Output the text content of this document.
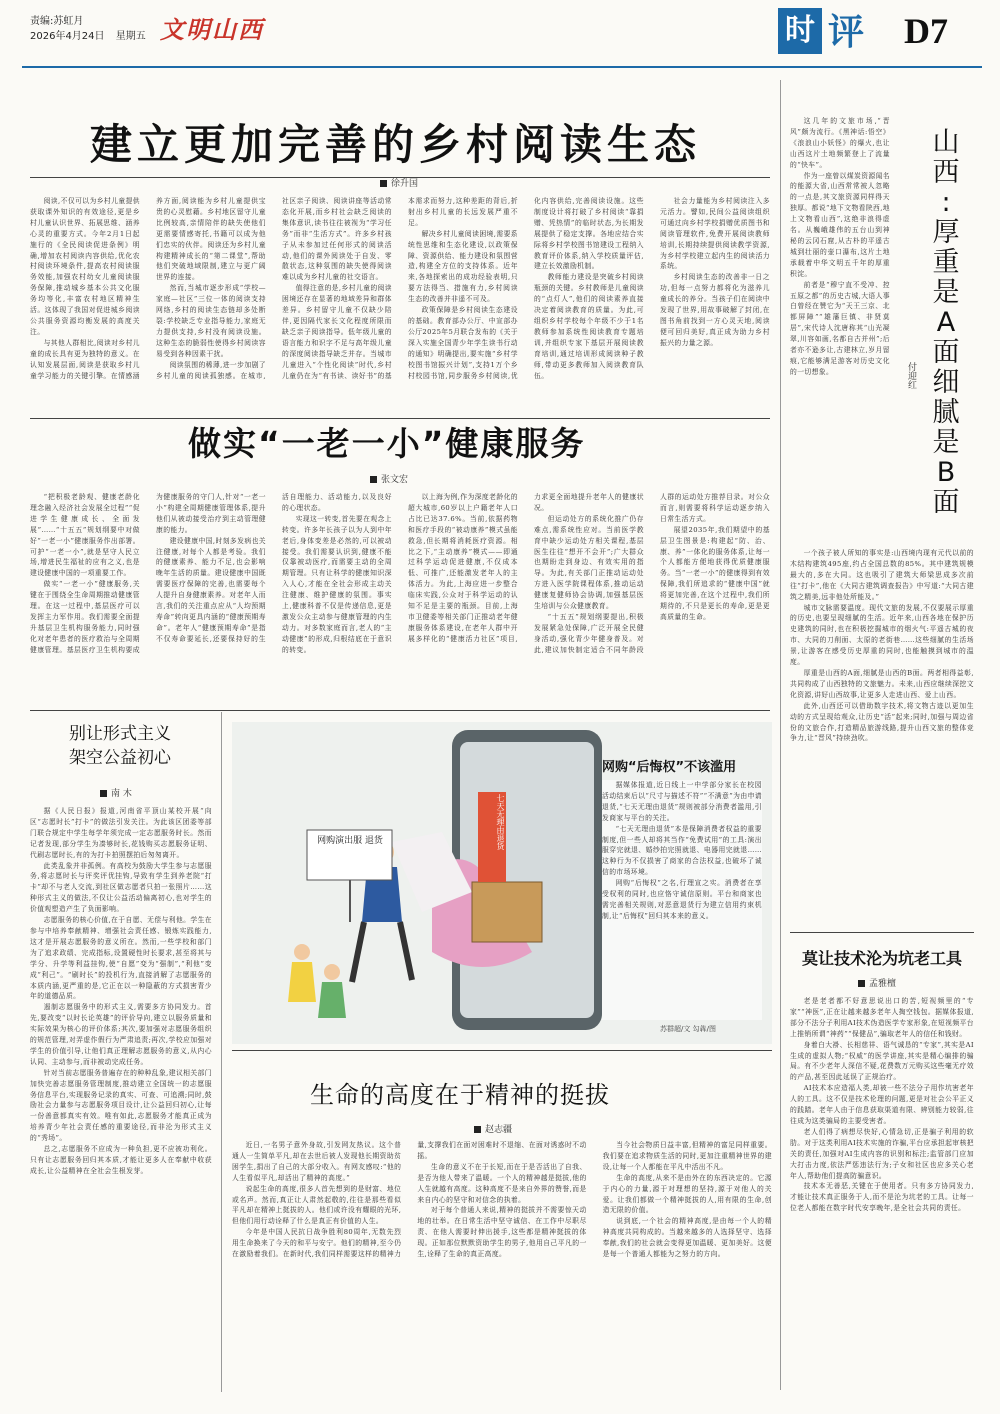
责编:苏虹月
2026年4月24日 星期五 文明山西	时 评 D7
建立更加完善的乡村阅读生态
徐升国

阅读,不仅可以为乡村儿童提供获取课外知识的有效途径,更是乡村儿童认识世界、拓展思维、涵养心灵的重要方式。今年2月1日起施行的《全民阅读促进条例》明确,增加农村阅读内容供给,优化农村阅读环境条件,提高农村阅读服务效能,加强农村幼女儿童阅读服务保障,推动城乡基本公共文化服务均等化,丰富农村地区精神生活。这体现了我国对促进城乡阅读公共服务资源均衡发展的高度关注。

与其他人群相比,阅读对乡村儿童的成长具有更为独特的意义。在认知发展层面,阅读是获取乡村儿童学习能力的关键引擎。在情感涵养方面,阅读能为乡村儿童提供宝贵的心灵慰藉。乡村地区留守儿童比例较高,亲情陪伴的缺失使他们更需要情感寄托,书籍可以成为他们忠实的伙伴。阅读还为乡村儿童构建精神成长的“第二课堂”,帮助他们突破地域限制,建立与更广阔世界的连接。

然而,当城市逐步形成“学校—家庭—社区”三位一体的阅读支持网络,乡村的阅读生态链却多处断裂:学校缺乏专业指导能力,家庭无力提供支持,乡村没有阅读设施。这种生态的脆弱性使得乡村阅读容易受到各种因素干扰。

阅读氛围的稀薄,进一步加剧了乡村儿童的阅读孤独感。在城市,社区亲子阅读、阅读讲座等活动常态化开展,而乡村社会缺乏阅读的集体意识,读书往往被视为“学习任务”而非“生活方式”。许多乡村孩子从未参加过任何形式的阅读活动,他们的课外阅读处于自发、零散状态,这种氛围的缺失使得阅读难以成为乡村儿童的社交语言。

值得注意的是,乡村儿童的阅读困境还存在显著的地域差异和群体差异。乡村留守儿童不仅缺少陪伴,更因隔代家长文化程度所限而缺乏亲子阅读指导。低年级儿童的语言能力和识字不足与高年级儿童的深度阅读指导缺乏并存。当城市儿童进入“个性化阅读”时代,乡村儿童仍在为“有书读、读好书”的基本需求而努力,这种差距的背后,折射出乡村儿童的长远发展严重不足。

解决乡村儿童阅读困境,需要系统性思维和生态化建设,以政策保障、资源供给、能力建设和氛围营造,构建全方位的支持体系。近年来,各地探索出的成功经验表明,只要方法得当、措施有力,乡村阅读生态的改善并非遥不可及。

政策保障是乡村阅读生态建设的基础。教育部办公厅、中宣部办公厅2025年5月联合发布的《关于深入实施全国青少年学生读书行动的通知》明确提出,要实施“乡村学校图书馆振兴计划”,支持1万个乡村校园书馆,同步服务乡村阅读,优化内容供给,完善阅读设施。这些制度设计将打破了乡村阅读“靠捐赠、凭热情”的临时状态,为长期发展提供了稳定支撑。各地应结合实际将乡村学校图书馆建设工程纳入教育评价体系,纳入学校质量评估,建立长效激励机制。

教师能力建设是突破乡村阅读瓶颈的关键。乡村教师是儿童阅读的“点灯人”,他们的阅读素养直接决定着阅读教育的质量。为此,可组织乡村学校每个年级不少于1名教师参加系统性阅读教育专题培训,并组织专家下基层开展阅读教育培训,通过培训形成阅读种子教师,带动更多教师加入阅读教育队伍。

社会力量能为乡村阅读注入多元活力。譬如,民间公益阅读组织可通过向乡村学校捐赠优质图书和阅读管理软件,免费开展阅读教师培训,长期持续提供阅读教学资源,为乡村学校建立起内生的阅读活力系统。

乡村阅读生态的改善非一日之功,但每一点努力都将化为滋养儿童成长的养分。当孩子们在阅读中发现了世界,用故事破解了封闭,在图书角前找到一方心灵天地,阅读便可回归美好,真正成为助力乡村振兴的力量之源。

做实“一老一小”健康服务
张文宏

“把积极老龄观、健康老龄化理念融入经济社会发展全过程”“促进学生健康成长、全面发展”……“十五五”规划纲要中对做好“一老一小”健康服务作出部署。可护“一老一小”,就是坚守人民立场,增进民生福祉的应有之义,也是建设健康中国的一项重要工作。

做实“一老一小”健康服务,关键在于围绕全生命周期推动健康管理。在这一过程中,基层医疗可以发挥主力军作用。我们需要全面提升基层卫生机构服务能力,同时强化对老年患者的医疗救治与全周期健康管理。基层医疗卫生机构要成为健康服务的守门人,针对“一老一小”构建全周期健康管理体系,提升他们从被动接受治疗到主动管理健康的能力。

建设健康中国,时刻多发病也关注健康,对每个人都是考验。我们的健康素养、能力不足,也会影响晚年生活的质量。建设健康中国既需要医疗保障的完善,也需要每个人提升自身健康素养。对老年人而言,我们的关注重点应从“人均预期寿命”转向更具内涵的“健康预期寿命”。老年人“健康预期寿命”是指不仅寿命要延长,还要保持好的生活自理能力、活动能力,以及良好的心理状态。

实现这一转变,首先要在观念上转变。许多年长孩子以为人到中年老后,身体变差是必然的,可以被动接受。我们需要认识到,健康不能仅靠被动医疗,而需要主动的全周期管理。只有让科学的健康知识深入人心,才能在全社会形成主动关注健康、维护健康的氛围。事实上,健康科普不仅是传递信息,更是激发公众主动参与健康管理的内生动力。对多数家庭而言,老人的“主动健康”的形成,归根结底在于意识的转变。

以上海为例,作为深度老龄化的超大城市,60岁以上户籍老年人口占比已达37.6%。当前,依据药物和医疗手段的“被动康养”模式虽能救急,但长期将消耗医疗资源。相比之下,“主动康养”模式——即通过科学运动促进健康,不仅成本低、可推广,还能激发老年人的主体活力。为此,上海应进一步整合临床实践,公众对于科学运动的认知不足是主要的瓶颈。目前,上海市卫健委等相关部门正推动老年健康服务体系建设,在老年人群中开展多样化的“健康活力社区”项目,力求更全面地提升老年人的健康状况。

但运动处方的系统化推广仍存难点,需系统性应对。当前医学教育中缺少运动处方相关课程,基层医生往往“想开不会开”;广大群众也期盼走到身边、有效实用的指导。为此,有关部门正推动运动处方进入医学院课程体系,推动运动健康复健师协会协调,加强基层医生培训与公众健康教育。

“十五五”规划纲要提出,积极发展紧急处保障,广泛开展全民健身活动,强化青少年健身普及。对此,建议加快制定适合不同年龄段人群的运动处方推荐目录。对公众而言,则需要将科学运动逐步纳入日常生活方式。

展望2035年,我们期望中的基层卫生图景是:构建起“防、治、康、养”一体化的服务体系,让每一个人都能方便地获得优质健康服务。当“一老一小”的健康得到有效保障,我们所追求的“健康中国”就将更加完善,在这个过程中,我们所期待的,不只是更长的寿命,更是更高质量的生命。

别让形式主义
架空公益初心
南 木

据《人民日报》报道,河南省平顶山某校开展“向区“志愿时长”打卡”的做法引发关注。为此该区团委等部门联合规定中学生每学年须完成一定志愿服务时长。然而记者发现,部分学生为凑够时长,花钱购买志愿服务证明、代刷志愿时长,有的为打卡拍照摆拍后匆匆离开。

此类乱象并非孤例。有高校为鼓励大学生参与志愿服务,将志愿时长与评奖评优挂钩,导致有学生到养老院“打卡”却不与老人交流,到社区做志愿者只拍一张照片……这种形式主义的做法,不仅让公益活动偏离初心,也对学生的价值观塑造产生了负面影响。

志愿服务的核心价值,在于自愿、无偿与利他。学生在参与中培养奉献精神、增强社会责任感、锻炼实践能力,这才是开展志愿服务的意义所在。然而,一些学校和部门为了追求政绩、完成指标,设置硬性时长要求,甚至将其与学分、升学等利益挂钩,使“自愿”变为“强制”,“利他”变成“利己”。“刷时长”的投机行为,直接消解了志愿服务的本质内涵,更严重的是,它正在以一种隐蔽的方式损害青少年的道德品质。

遏制志愿服务中的形式主义,需要多方协同发力。首先,要改变“以时长论英雄”的评价导向,建立以服务质量和实际效果为核心的评价体系;其次,要加强对志愿服务组织的规范管理,对弄虚作假行为严肃追责;再次,学校应加强对学生的价值引导,让他们真正理解志愿服务的意义,从内心认同、主动参与,而非被动完成任务。

针对当前志愿服务普遍存在的种种乱象,建议相关部门加快完善志愿服务管理制度,推动建立全国统一的志愿服务信息平台,实现服务记录的真实、可查、可追溯;同时,鼓励社会力量参与志愿服务项目设计,让公益回归初心,让每一份善意都真实有效。唯有如此,志愿服务才能真正成为培养青少年社会责任感的重要途径,而非沦为形式主义的“秀场”。

总之,志愿服务不应成为一种负担,更不应被功利化。只有让志愿服务回归其本质,才能让更多人在奉献中收获成长,让公益精神在全社会生根发芽。

网购演出服 退货	七天无理由退货
网购“后悔权”不该滥用

据媒体报道,近日线上一中学部分家长在校园活动结束后以“尺寸与描述不符”“不满意”为由申请退货,“七天无理由退货”规则被部分消费者滥用,引发商家与平台的关注。

“七天无理由退货”本是保障消费者权益的重要制度,但一些人却将其当作“免费试用”的工具:演出服穿完就退、婚纱拍完照就退、电器用完就退……这种行为不仅损害了商家的合法权益,也破坏了诚信的市场环境。

网购“后悔权”之名,行理宣之实。消费者在享受权利的同时,也应恪守诚信原则。平台和商家也需完善相关规则,对恶意退货行为建立信用约束机制,让“后悔权”回归其本来的意义。

苏群超/文 勾犇/图
生命的高度在于精神的挺拔
赵志疆

近日,一名男子意外身故,引发网友热议。这个普通人一生简单平凡,却在去世后被人发现他长期资助贫困学生,捐出了自己的大部分收入。有网友感叹:“他的人生看似平凡,却活出了精神的高度。”

说起生命的高度,很多人首先想到的是财富、地位或名声。然而,真正让人肃然起敬的,往往是那些看似平凡却在精神上挺拔的人。他们或许没有耀眼的光环,但他们用行动诠释了什么是真正有价值的人生。

今年是中国人民抗日战争胜利80周年,无数先烈用生命换来了今天的和平与安宁。他们的精神,至今仍在激励着我们。在新时代,我们同样需要这样的精神力量,支撑我们在面对困难时不退缩、在面对诱惑时不动摇。

生命的意义不在于长短,而在于是否活出了自我、是否为他人带来了温暖。一个人的精神越是挺拔,他的人生就越有高度。这种高度不是来自外界的赞誉,而是来自内心的坚守和对信念的执着。

对于每个普通人来说,精神的挺拔并不需要惊天动地的壮举。在日常生活中坚守诚信、在工作中尽职尽责、在他人需要时伸出援手,这些都是精神挺拔的体现。正如那位默默资助学生的男子,他用自己平凡的一生,诠释了生命的真正高度。

当今社会物质日益丰富,但精神的富足同样重要。我们要在追求物质生活的同时,更加注重精神世界的建设,让每一个人都能在平凡中活出不凡。

生命的高度,从来不是由外在的东西决定的。它源于内心的力量,源于对理想的坚持,源于对他人的关爱。让我们都做一个精神挺拔的人,用有限的生命,创造无限的价值。

说到底,一个社会的精神高度,是由每一个人的精神高度共同构成的。当越来越多的人选择坚守、选择奉献,我们的社会就会变得更加温暖、更加美好。这便是每一个普通人都能为之努力的方向。

山
西
:
厚
重
是
A
面
细
腻
是
B
面
付迎红

这几年的文旅市场,“晋风”颇为流行。《黑神话:悟空》《浪浪山小妖怪》的爆火,也让山西这片土地频繁登上了流量的“快车”。

作为一座曾以煤炭资源闻名的能源大省,山西常常被人忽略的一点是,其文旅资源同样得天独厚。都说“地下文物看陕西,地上文物看山西”,这绝非浪得虚名。从巍峨雄伟的五台山到神秘的云冈石窟,从古朴的平遥古城到壮丽的壶口瀑布,这片土地承载着中华文明五千年的厚重积淀。

前者是“穆宁直不受冲、控五原之都”的历史古城,大语人事白曾经在赞它为“天王三京、北都屏障”“雄藩巨镇、非贤莫居”,宋代诗人沈唐称其“山光凝翠,川容如画,名都自古并州”;后者亦不逊多让,古建林立,岁月留痕,它能够满足游客对历史文化的一切想象。

一个孩子被人所知的事实是:山西境内现有元代以前的木结构建筑495座,约占全国总数的85%。其中建筑规模最大的,多在大同。这也吸引了建筑大师梁思成多次前往“打卡”,他在《大同古建筑调查报告》中写道:“大同古建筑之精美,远非他处所能及。”

城市文脉需要温度。现代文旅的发展,不仅要展示厚重的历史,也要呈现细腻的生活。近年来,山西各地在保护历史建筑的同时,也在积极挖掘城市的烟火气:平遥古城的夜市、大同的刀削面、太原的老街巷……这些细腻的生活场景,让游客在感受历史厚重的同时,也能触摸到城市的温度。

厚重是山西的A面,细腻是山西的B面。两者相得益彰,共同构成了山西独特的文旅魅力。未来,山西应继续深挖文化资源,讲好山西故事,让更多人走进山西、爱上山西。

此外,山西还可以借助数字技术,将文物古迹以更加生动的方式呈现给观众,让历史“活”起来;同时,加强与周边省份的文旅合作,打造精品旅游线路,提升山西文旅的整体竞争力,让“晋风”持续劲吹。

莫让技术沦为坑老工具
孟雅檀

老是老者都不好意思说出口的苦,短视频里的“专家”“神医”,正在让越来越多老年人掏空钱包。据媒体报道,部分不法分子利用AI技术伪造医学专家形象,在短视频平台上推销所谓“神药”“保健品”,骗取老年人的信任和钱财。

身着白大褂、长相慈祥、语气诚恳的“专家”,其实是AI生成的虚拟人物;“权威”的医学讲座,其实是精心编排的骗局。有不少老年人深信不疑,花费数万元购买这些毫无疗效的产品,甚至因此延误了正规治疗。

AI技术本应造福人类,却被一些不法分子用作坑害老年人的工具。这不仅是技术伦理的问题,更是对社会公平正义的践踏。老年人由于信息获取渠道有限、辨别能力较弱,往往成为这类骗局的主要受害者。

老人们得了病想尽快好,心情急切,正是骗子利用的软肋。对于这类利用AI技术实施的诈骗,平台应承担起审核把关的责任,加强对AI生成内容的识别和标注;监管部门应加大打击力度,依法严惩违法行为;子女和社区也应多关心老年人,帮助他们提高防骗意识。

技术本无善恶,关键在于使用者。只有多方协同发力,才能让技术真正服务于人,而不是沦为坑老的工具。让每一位老人都能在数字时代安享晚年,是全社会共同的责任。
